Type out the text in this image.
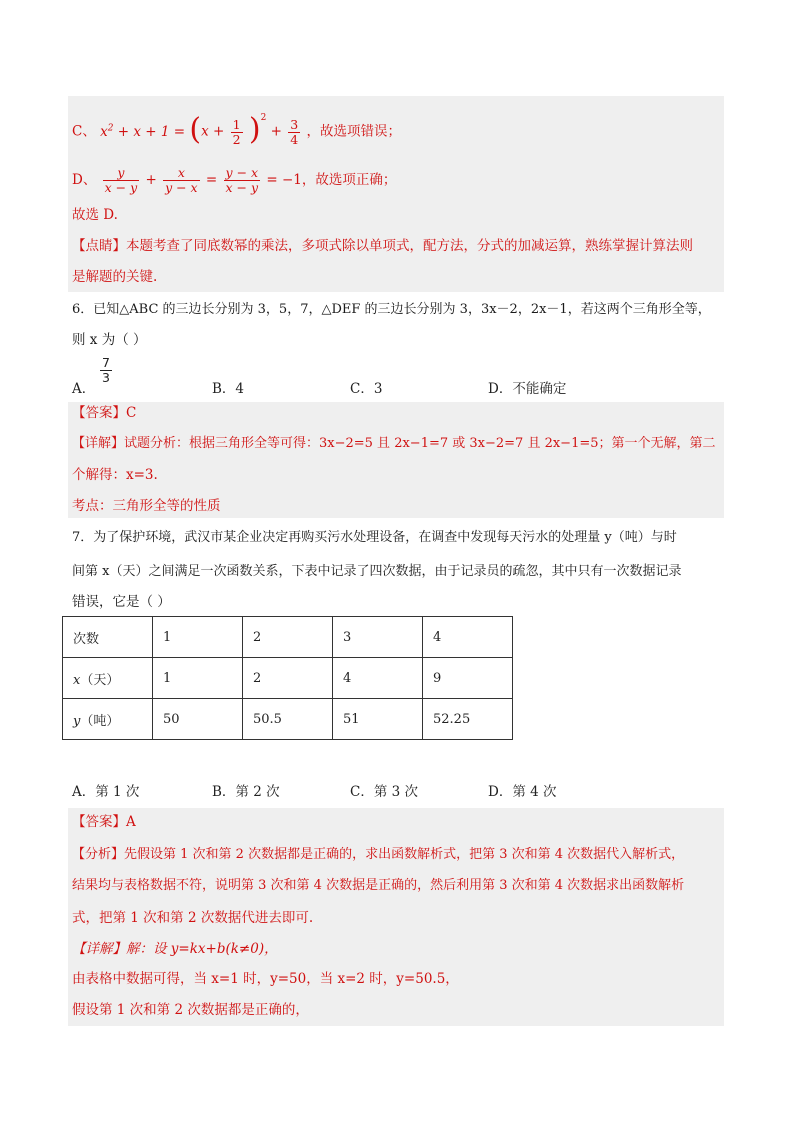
C、 $x^2 + x + 1 = (x + \frac{1}{2} )^2 + \frac{3}{4}$ ，故选项错误；
D、 $\frac{y}{x - y} + \frac{x}{y - x} = \frac{y - x}{x - y} = -1$，故选项正确；
故选 D.
【点睛】本题考查了同底数幂的乘法，多项式除以单项式，配方法，分式的加减运算，熟练掌握计算法则
是解题的关键.
6．已知△ABC 的三边长分别为 3，5，7，△DEF 的三边长分别为 3，3x－2，2x－1，若这两个三角形全等，
则 x 为（ ）
A．
$\frac{7}{3}$
B．4	C．3	D．不能确定
【答案】C
【详解】试题分析：根据三角形全等可得：3x−2=5 且 2x−1=7 或 3x−2=7 且 2x−1=5；第一个无解，第二
个解得：x=3.
考点：三角形全等的性质
7．为了保护环境，武汉市某企业决定再购买污水处理设备，在调查中发现每天污水的处理量 y（吨）与时
间第 x（天）之间满足一次函数关系，下表中记录了四次数据，由于记录员的疏忽，其中只有一次数据记录
错误，它是（ ）
次数	1	2	3	4
x（天）	1	2	4	9
y（吨）	50	50.5	51	52.25
A．第 1 次	B．第 2 次	C．第 3 次	D．第 4 次
【答案】A
【分析】先假设第 1 次和第 2 次数据都是正确的，求出函数解析式，把第 3 次和第 4 次数据代入解析式，
结果均与表格数据不符，说明第 3 次和第 4 次数据是正确的，然后利用第 3 次和第 4 次数据求出函数解析
式，把第 1 次和第 2 次数据代进去即可.
【详解】解：设 y=kx+b(k≠0)，
由表格中数据可得，当 x=1 时，y=50，当 x=2 时，y=50.5，
假设第 1 次和第 2 次数据都是正确的，
